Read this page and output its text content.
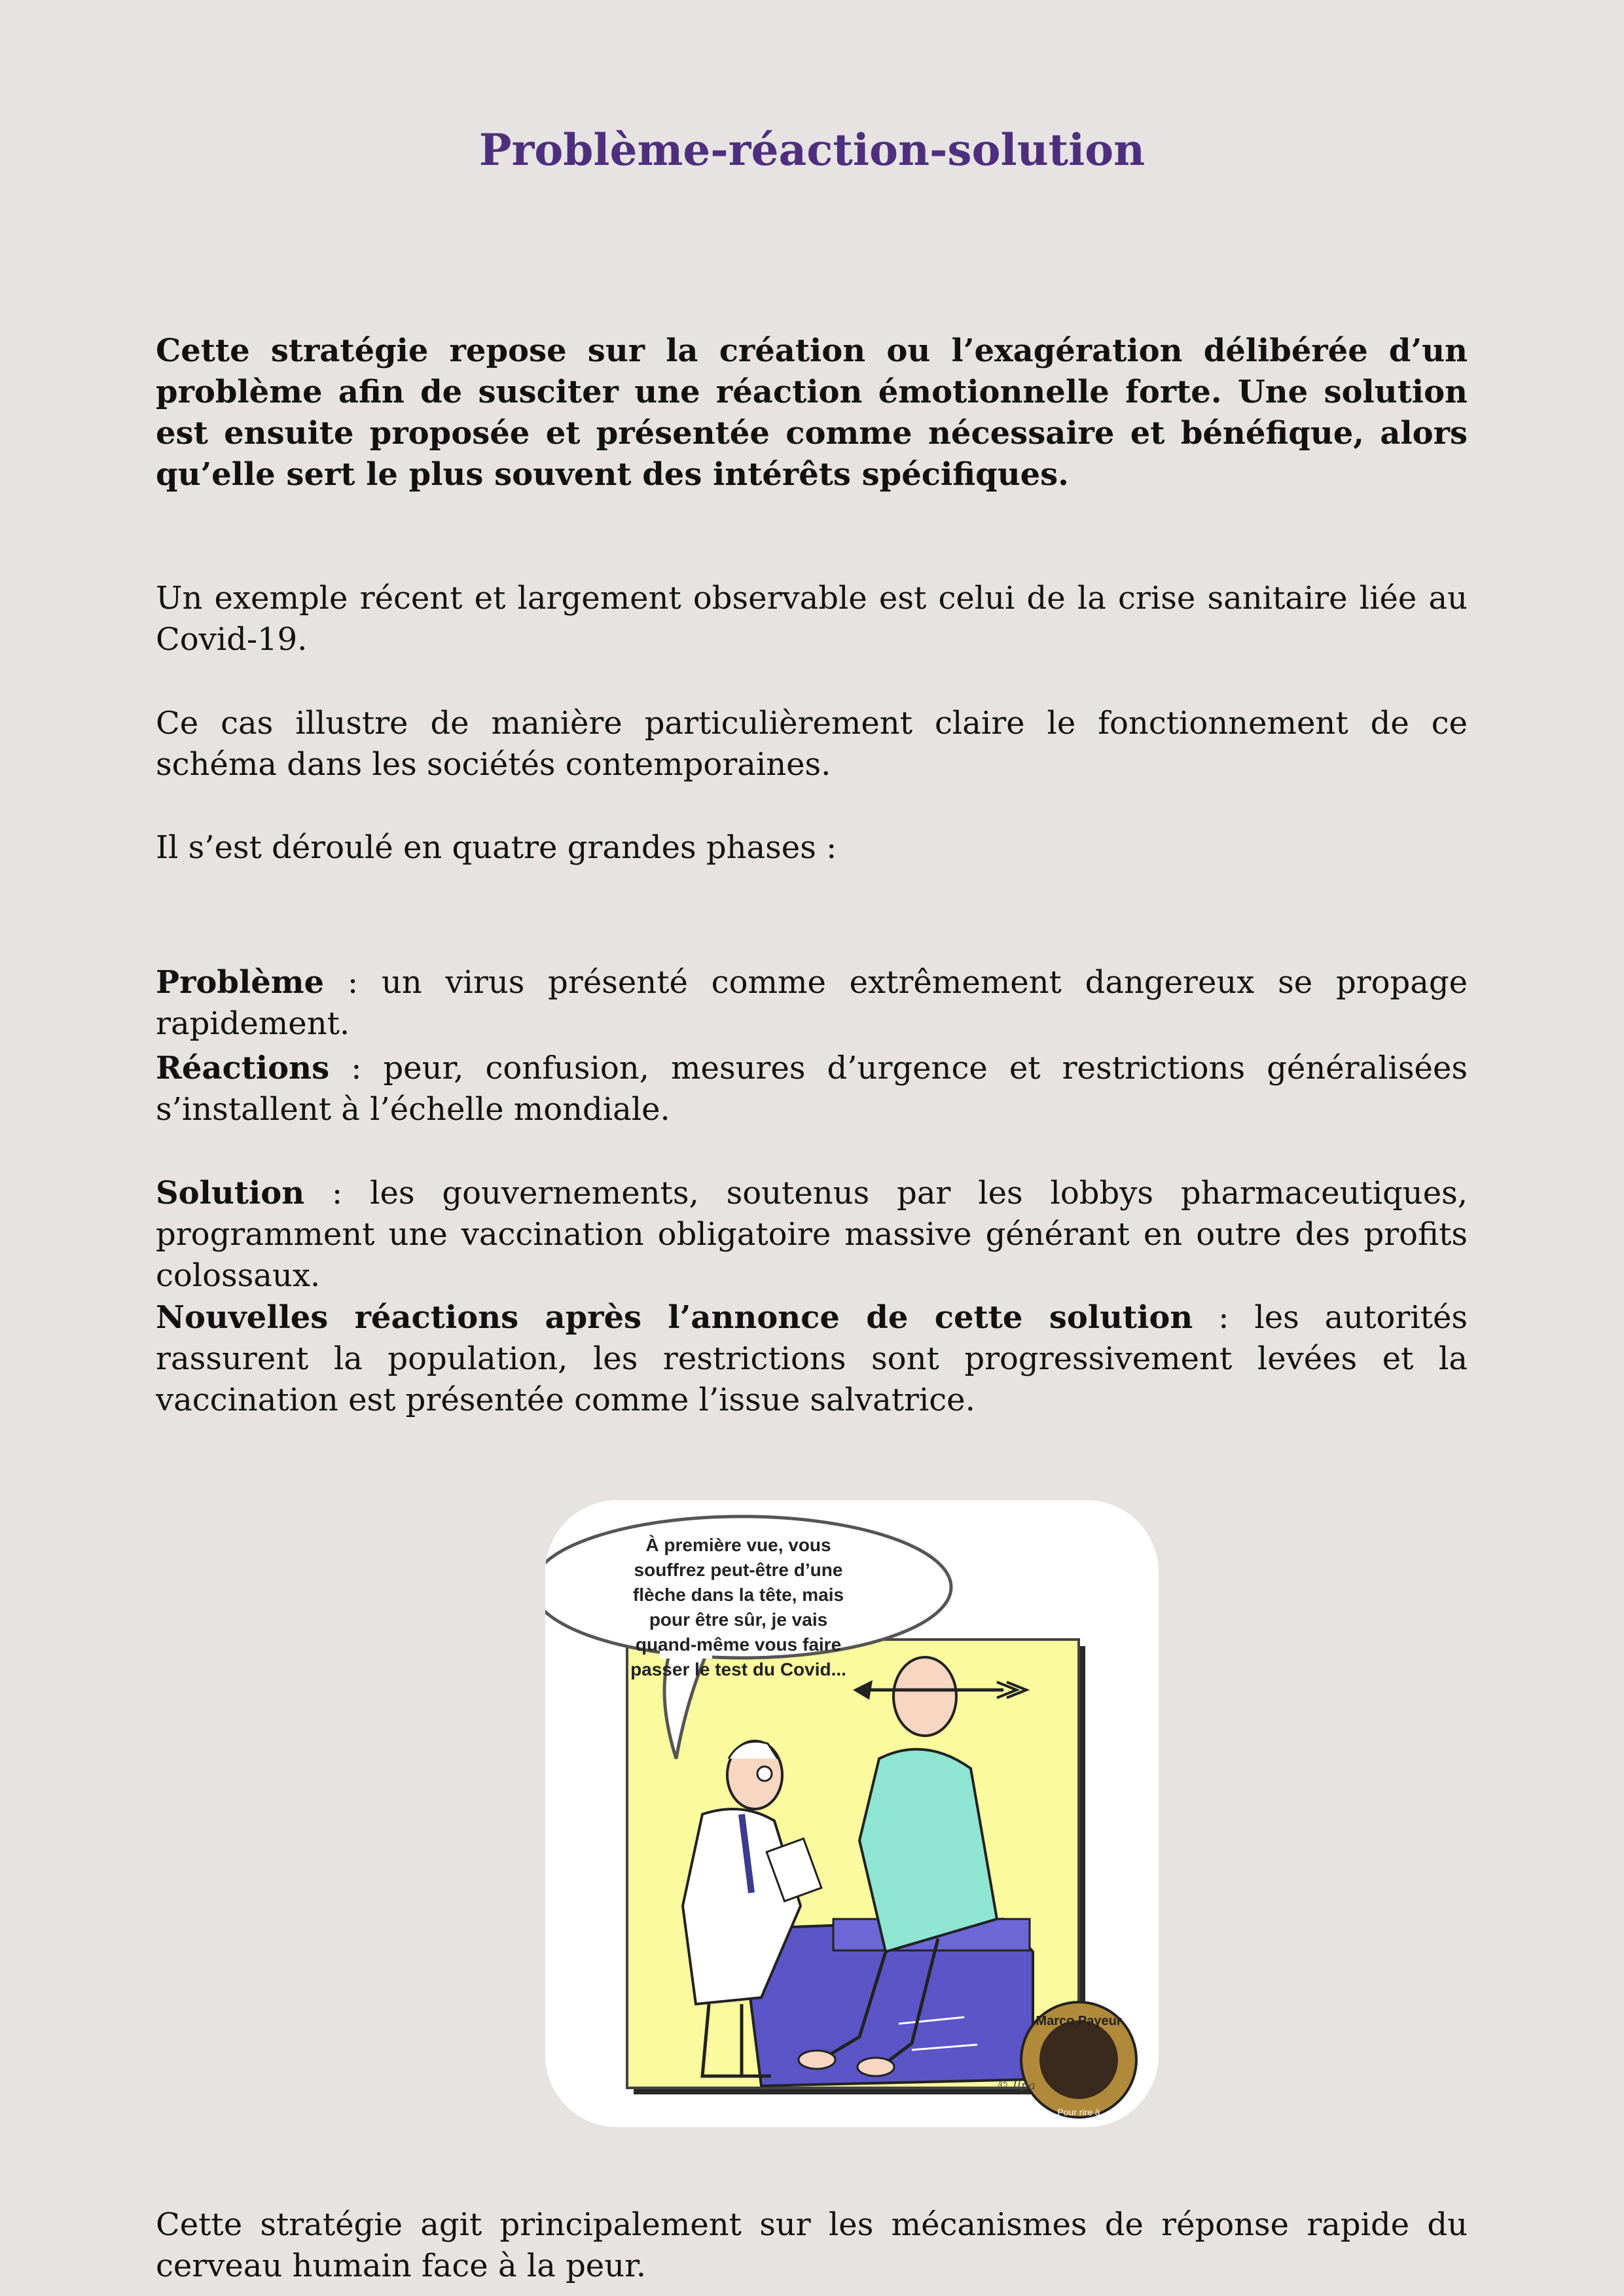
Problème-réaction-solution

Cette stratégie repose sur la création ou l’exagération délibérée d’un problème afin de susciter une réaction émotionnelle forte. Une solution est ensuite proposée et présentée comme nécessaire et bénéfique, alors qu’elle sert le plus souvent des intérêts spécifiques.

Un exemple récent et largement observable est celui de la crise sanitaire liée au Covid-19.

Ce cas illustre de manière particulièrement claire le fonctionnement de ce schéma dans les sociétés contemporaines.

Il s’est déroulé en quatre grandes phases :

Problème : un virus présenté comme extrêmement dangereux se propage rapidement.

Réactions : peur, confusion, mesures d’urgence et restrictions généralisées s’installent à l’échelle mondiale.

Solution : les gouvernements, soutenus par les lobbys pharmaceutiques, programment une vaccination obligatoire massive générant en outre des profits colossaux.

Nouvelles réactions après l’annonce de cette solution : les autorités rassurent la population, les restrictions sont progressivement levées et la vaccination est présentée comme l’issue salvatrice.

Marco Payeur
Pour rire à
© Ilpa
À première vue, vous souffrez peut-être d’une flèche dans la tête, mais pour être sûr, je vais quand-même vous faire passer le test du Covid...

Cette stratégie agit principalement sur les mécanismes de réponse rapide du cerveau humain face à la peur.
